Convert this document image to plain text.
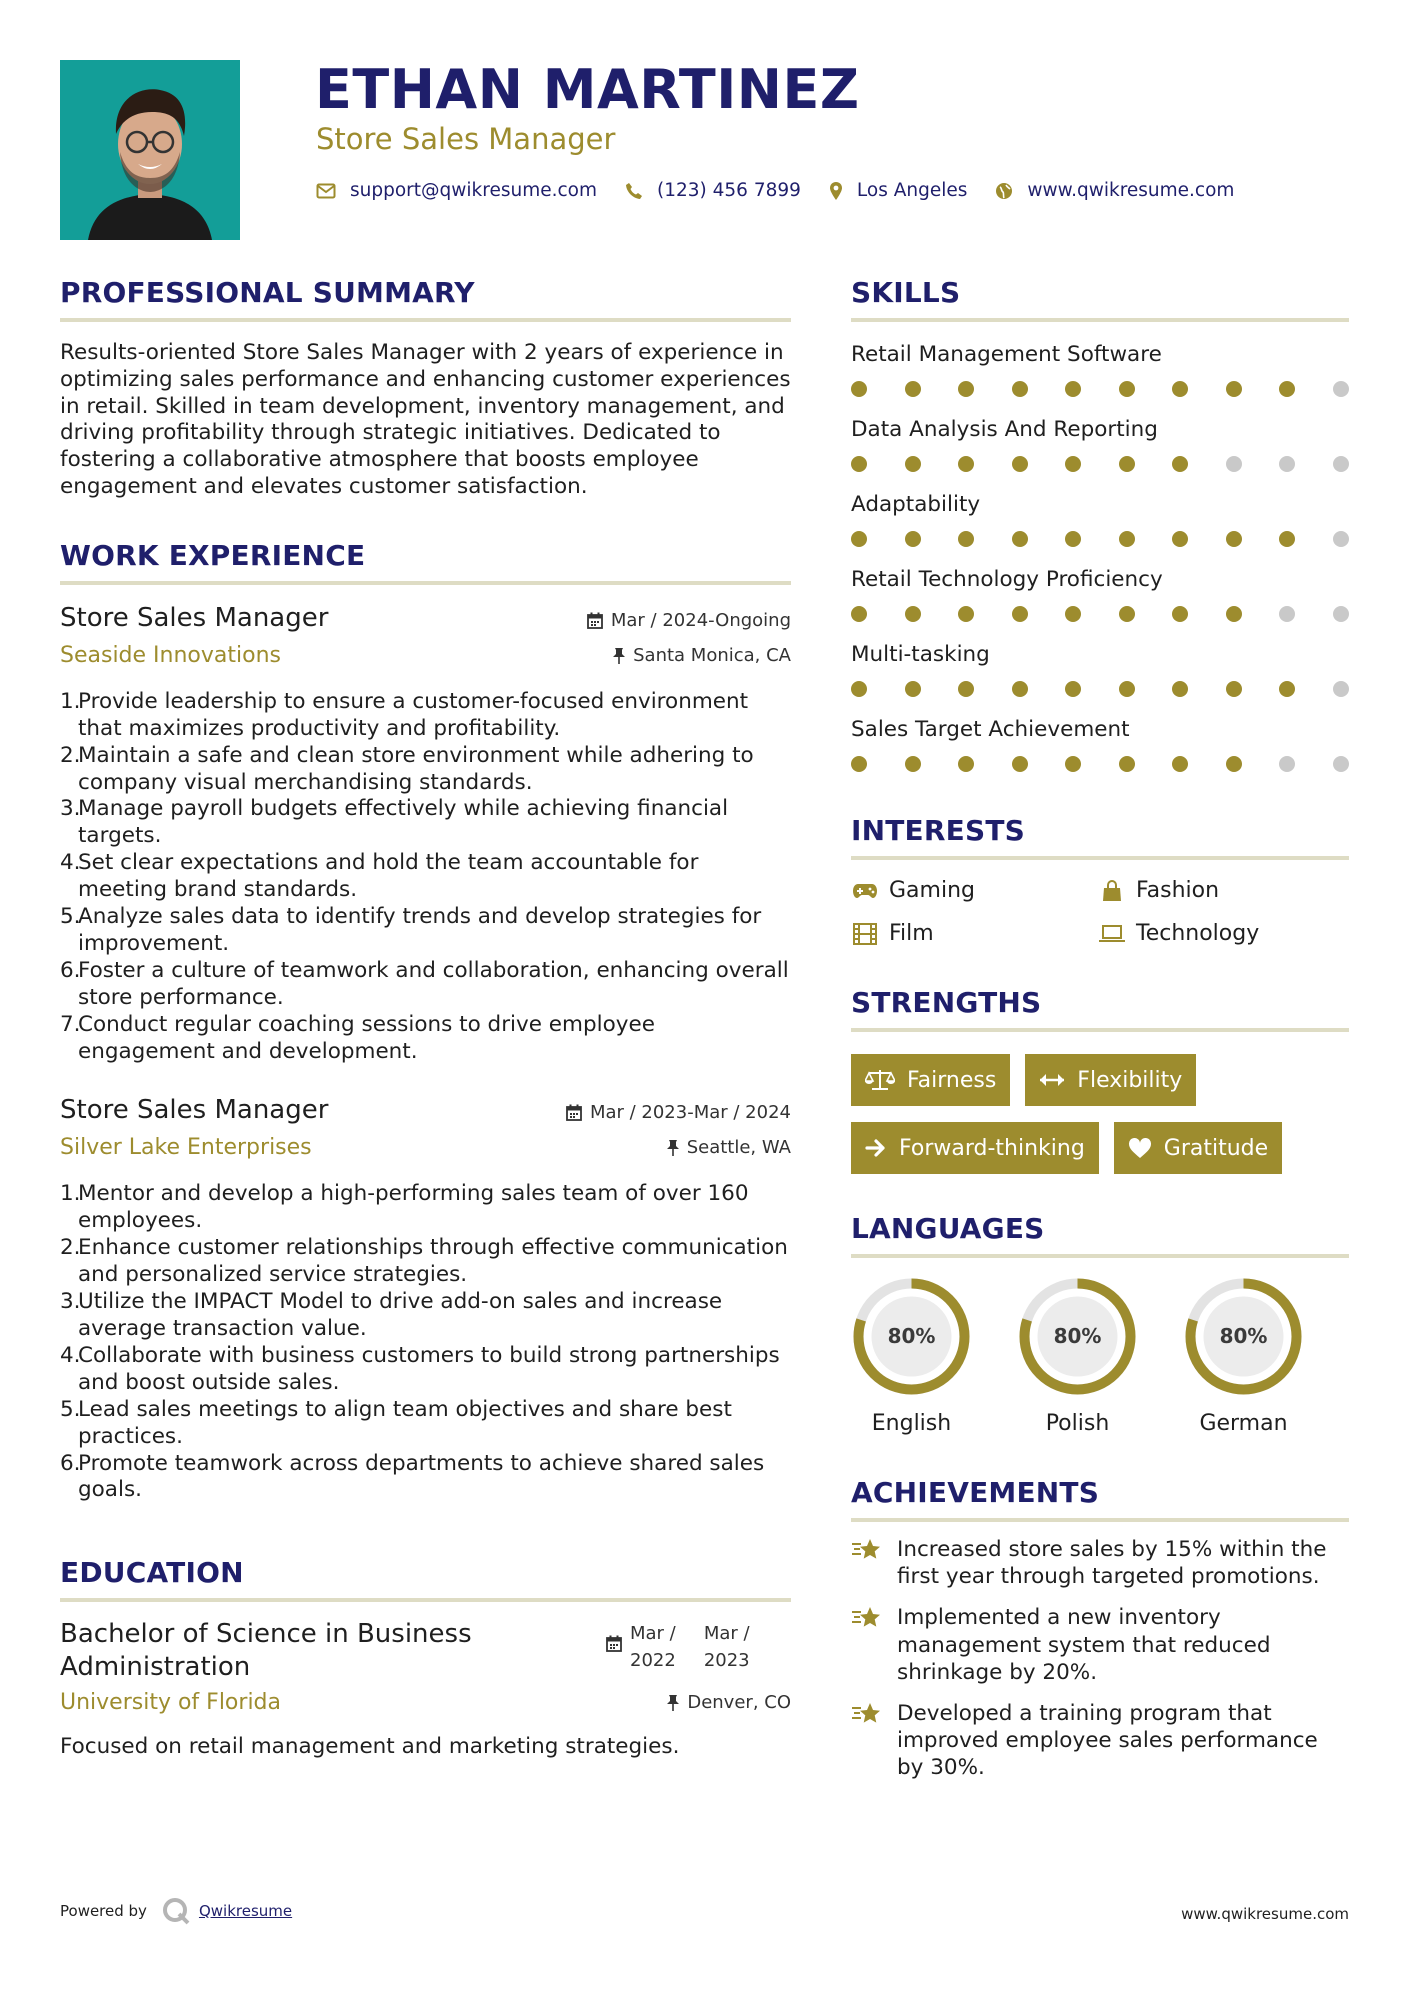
ETHAN MARTINEZ
Store Sales Manager
support@qwikresume.com	(123) 456 7899	Los Angeles	www.qwikresume.com
PROFESSIONAL SUMMARY

Results-oriented Store Sales Manager with 2 years of experience in optimizing sales performance and enhancing customer experiences in retail. Skilled in team development, inventory management, and driving profitability through strategic initiatives. Dedicated to fostering a collaborative atmosphere that boosts employee engagement and elevates customer satisfaction.

WORK EXPERIENCE
Store Sales Manager
Seaside Innovations
Mar / 2024-Ongoing
Santa Monica, CA
1.
Provide leadership to ensure a customer-focused environment that maximizes productivity and profitability.
2.
Maintain a safe and clean store environment while adhering to company visual merchandising standards.
3.
Manage payroll budgets effectively while achieving financial targets.
4.
Set clear expectations and hold the team accountable for meeting brand standards.
5.
Analyze sales data to identify trends and develop strategies for improvement.
6.
Foster a culture of teamwork and collaboration, enhancing overall store performance.
7.
Conduct regular coaching sessions to drive employee engagement and development.
Store Sales Manager
Silver Lake Enterprises
Mar / 2023-Mar / 2024
Seattle, WA
1.
Mentor and develop a high-performing sales team of over 160 employees.
2.
Enhance customer relationships through effective communication and personalized service strategies.
3.
Utilize the IMPACT Model to drive add-on sales and increase average transaction value.
4.
Collaborate with business customers to build strong partnerships and boost outside sales.
5.
Lead sales meetings to align team objectives and share best practices.
6.
Promote teamwork across departments to achieve shared sales goals.
EDUCATION
Bachelor of Science in Business Administration
Mar /
2022
Mar /
2023
University of Florida	Denver, CO

Focused on retail management and marketing strategies.

SKILLS
Retail Management Software
Data Analysis And Reporting
Adaptability
Retail Technology Proficiency
Multi-tasking
Sales Target Achievement
INTERESTS
Gaming	Fashion
Film	Technology
STRENGTHS
Fairness	Flexibility
Forward-thinking	Gratitude
LANGUAGES
80%
English
80%
Polish
80%
German
ACHIEVEMENTS
Increased store sales by 15% within the first year through targeted promotions.
Implemented a new inventory management system that reduced shrinkage by 20%.
Developed a training program that improved employee sales performance by 30%.
Powered by	Qwikresume	www.qwikresume.com
